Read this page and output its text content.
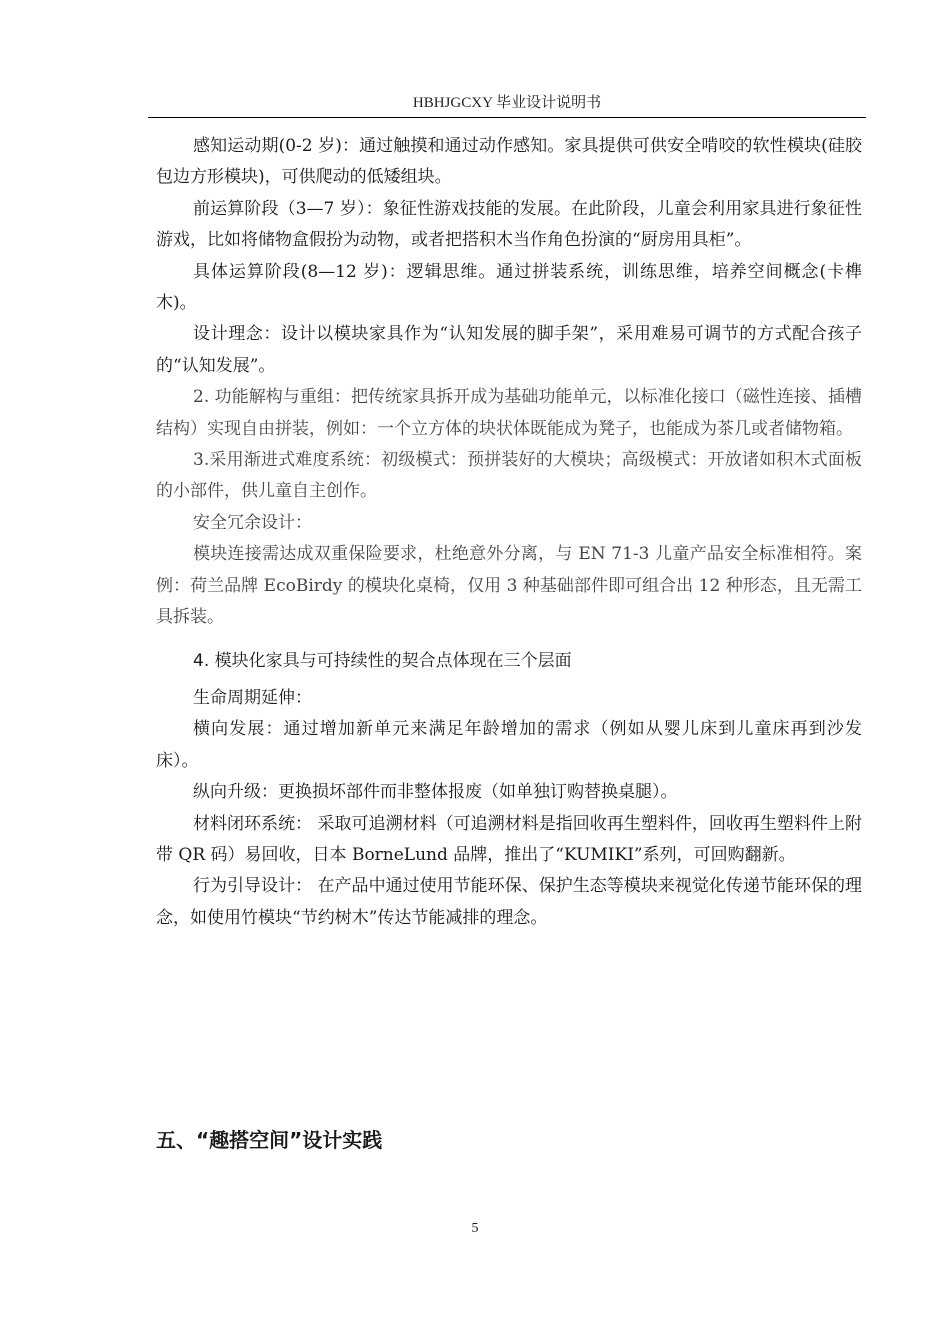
HBHJGCXY 毕业设计说明书

感知运动期(0-2 岁)：通过触摸和通过动作感知。家具提供可供安全啃咬的软性模块(硅胶包边方形模块)，可供爬动的低矮组块。

前运算阶段（3—7 岁）：象征性游戏技能的发展。在此阶段，儿童会利用家具进行象征性游戏，比如将储物盒假扮为动物，或者把搭积木当作角色扮演的“厨房用具柜”。

具体运算阶段(8—12 岁)：逻辑思维。通过拼装系统，训练思维，培养空间概念(卡榫木)。

设计理念：设计以模块家具作为“认知发展的脚手架”，采用难易可调节的方式配合孩子的“认知发展”。

2. 功能解构与重组：把传统家具拆开成为基础功能单元，以标准化接口（磁性连接、插槽结构）实现自由拼装，例如：一个立方体的块状体既能成为凳子，也能成为茶几或者储物箱。

3.采用渐进式难度系统：初级模式：预拼装好的大模块；高级模式：开放诸如积木式面板的小部件，供儿童自主创作。

安全冗余设计：

模块连接需达成双重保险要求，杜绝意外分离，与 EN 71-3 儿童产品安全标准相符。案例：荷兰品牌 EcoBirdy 的模块化桌椅，仅用 3 种基础部件即可组合出 12 种形态，且无需工具拆装。

4. 模块化家具与可持续性的契合点体现在三个层面

生命周期延伸：

横向发展：通过增加新单元来满足年龄增加的需求（例如从婴儿床到儿童床再到沙发床）。

纵向升级：更换损坏部件而非整体报废（如单独订购替换桌腿）。

材料闭环系统： 采取可追溯材料（可追溯材料是指回收再生塑料件，回收再生塑料件上附带 QR 码）易回收，日本 BorneLund 品牌，推出了“KUMIKI”系列，可回购翻新。

行为引导设计： 在产品中通过使用节能环保、保护生态等模块来视觉化传递节能环保的理念，如使用竹模块“节约树木”传达节能减排的理念。

五、“趣搭空间”设计实践
5
